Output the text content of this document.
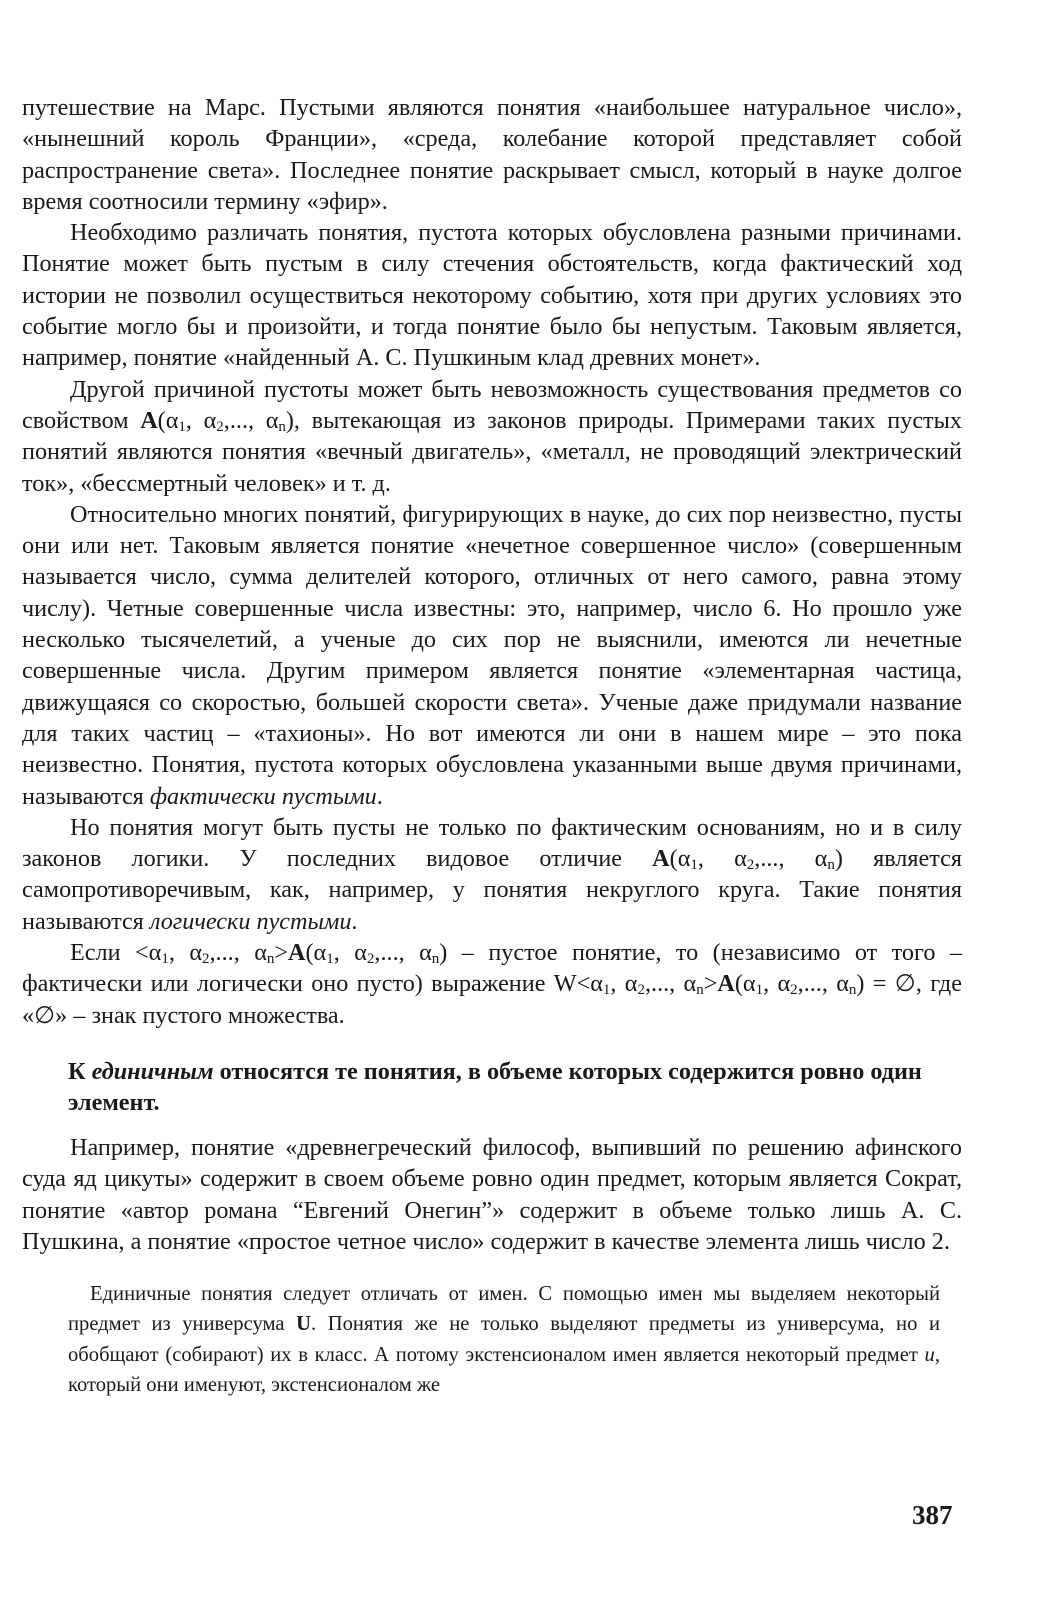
путешествие на Марс. Пустыми являются понятия «наибольшее натуральное число», «нынешний король Франции», «среда, колебание которой представляет собой распространение света». Последнее понятие раскрывает смысл, который в науке долгое время соотносили термину «эфир».

Необходимо различать понятия, пустота которых обусловлена разными причинами. Понятие может быть пустым в силу стечения обстоятельств, когда фактический ход истории не позволил осуществиться некоторому событию, хотя при других условиях это событие могло бы и произойти, и тогда понятие было бы непустым. Таковым является, например, понятие «найденный А. С. Пушкиным клад древних монет».

Другой причиной пустоты может быть невозможность существования предметов со свойством $A(\alpha_1$, $\alpha_2$,..., $\alpha_n$), вытекающая из законов природы. Примерами таких пустых понятий являются понятия «вечный двигатель», «металл, не проводящий электрический ток», «бессмертный человек» и т. д.

Относительно многих понятий, фигурирующих в науке, до сих пор неизвестно, пусты они или нет. Таковым является понятие «нечетное совершенное число» (совершенным называется число, сумма делителей которого, отличных от него самого, равна этому числу). Четные совершенные числа известны: это, например, число 6. Но прошло уже несколько тысячелетий, а ученые до сих пор не выяснили, имеются ли нечетные совершенные числа. Другим примером является понятие «элементарная частица, движущаяся со скоростью, большей скорости света». Ученые даже придумали название для таких частиц – «тахионы». Но вот имеются ли они в нашем мире – это пока неизвестно. Понятия, пустота которых обусловлена указанными выше двумя причинами, называются фактически пустыми.

Но понятия могут быть пусты не только по фактическим основаниям, но и в силу законов логики. У последних видовое отличие $A(\alpha_1$, $\alpha_2$,..., $\alpha_n$) является самопротиворечивым, как, например, у понятия некруглого круга. Такие понятия называются логически пустыми.

Если $<\alpha_1$, $\alpha_2$,..., $\alpha_n>A(\alpha_1$, $\alpha_2$,..., $\alpha_n$) – пустое понятие, то (независимо от того – фактически или логически оно пусто) выражение $W<\alpha_1$, $\alpha_2$,..., $\alpha_n>A(\alpha_1$, $\alpha_2$,..., $\alpha_n$) = ∅, где «∅» – знак пустого множества.

К единичным относятся те понятия, в объеме которых содержится ровно один элемент.

Например, понятие «древнегреческий философ, выпивший по решению афинского суда яд цикуты» содержит в своем объеме ровно один предмет, которым является Сократ, понятие «автор романа “Евгений Онегин”» содержит в объеме только лишь А. С. Пушкина, а понятие «простое четное число» содержит в качестве элемента лишь число 2.

Единичные понятия следует отличать от имен. С помощью имен мы выделяем некоторый предмет из универсума U. Понятия же не только выделяют предметы из универсума, но и обобщают (собирают) их в класс. А потому экстенсионалом имен является некоторый предмет u, который они именуют, экстенсионалом же

387
